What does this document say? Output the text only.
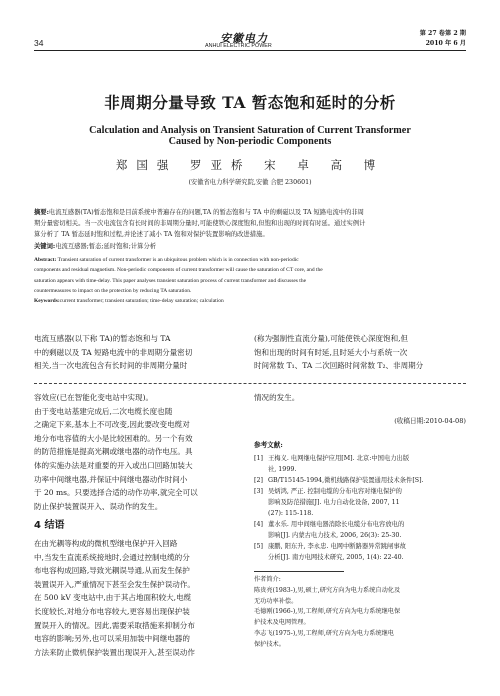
安徽电力
ANHUI ELECTRIC POWER
34
第 27 卷第 2 期
2010 年 6 月
非周期分量导致 TA 暂态饱和延时的分析
Calculation and Analysis on Transient Saturation of Current Transformer
Caused by Non-periodic Components
郑国强 罗亚桥 宋 卓 高 博
(安徽省电力科学研究院,安徽 合肥 230601)
摘要:电流互感器(TA)暂态饱和是目前系统中普遍存在的问题,TA 的暂态饱和与 TA 中的剩磁以及 TA 短路电流中的非周
期分量密切相关。当一次电流包含有长时间的非周期分量时,可能使铁心深度饱和,但饱和出现的时间有时延。通过实例计
算分析了 TA 暂态延时饱和过程,并论述了减小 TA 饱和对保护装置影响的改进措施。
关键词:电流互感器;暂态;延时饱和;计算分析
Abstract: Transient saturation of current transformer is an ubiquitous problem which is in connection with non-periodic
components and residual magnetism. Non-periodic components of current transformer will cause the saturation of CT core, and the
saturation appears with time-delay. This paper analyses transient saturation process of current transformer and discusses the
countermeasures to impact on the protection by reducing TA saturation.
Keywords:current transformer; transient saturation; time-delay saturation; calculation
电流互感器(以下称 TA)的暂态饱和与 TA
中的剩磁以及 TA 短路电流中的非周期分量密切
相关,当一次电流包含有长时间的非周期分量时
(称为强制性直流分量),可能使铁心深度饱和,但
饱和出现的时间有时延,且时延大小与系统一次
时间常数 T₁、TA 二次回路时间常数 T₂、非周期分
容效应(已在智能化变电站中实现)。
由于变电站基建完成后,二次电缆长度也随
之确定下来,基本上不可改变,因此要改变电缆对
地分布电容值的大小是比较困难的。另一个有效
的防范措施是提高光耦或继电器的动作电压。具
体的实施办法是对重要的开入或出口回路加装大
功率中间继电器,并保证中间继电器动作时间小
于 20 ms。只要选择合适的动作功率,就完全可以
防止保护装置误开入、误动作的发生。
4 结语
在由光耦等构成的微机型继电保护开入回路
中,当发生直流系统接地时,会通过控制电缆的分
布电容构成回路,导致光耦误导通,从而发生保护
装置误开入,严重情况下甚至会发生保护误动作。
在 500 kV 变电站中,由于其占地面积较大,电缆
长度较长,对地分布电容较大,更容易出现保护装
置误开入的情况。因此,需要采取措施来抑制分布
电容的影响;另外,也可以采用加装中间继电器的
方法来防止微机保护装置出现误开入,甚至误动作
情况的发生。
(收稿日期:2010-04-08)
参考文献:
[1] 王梅义. 电网继电保护应用[M]. 北京:中国电力出版
社, 1999.
[2] GB/T15145-1994,微机线路保护装置通用技术条件[S].
[3] 吴炳鸿, 严正. 控制电缆的分布电容对继电保护的
影响及防范措施[J]. 电力自动化设备, 2007, 11
(27): 115-118.
[4] 董水乐. 用中间继电器消除长电缆分布电容放电的
影响[J]. 内蒙古电力技术, 2006, 26(3): 25-30.
[5] 康鹏, 阳东升, 李永忠. 电网中断路器异常跳闸事故
分析[J]. 南方电网技术研究, 2005, 1(4): 22-40.
作者简介:
陈贵亮(1983-),男,硕士,研究方向为电力系统自动化及
无功功率补偿。
毛德刚(1966-),男,工程师,研究方向为电力系统继电保
护技术及电网管理。
李志飞(1975-),男,工程师,研究方向为电力系统继电
保护技术。
